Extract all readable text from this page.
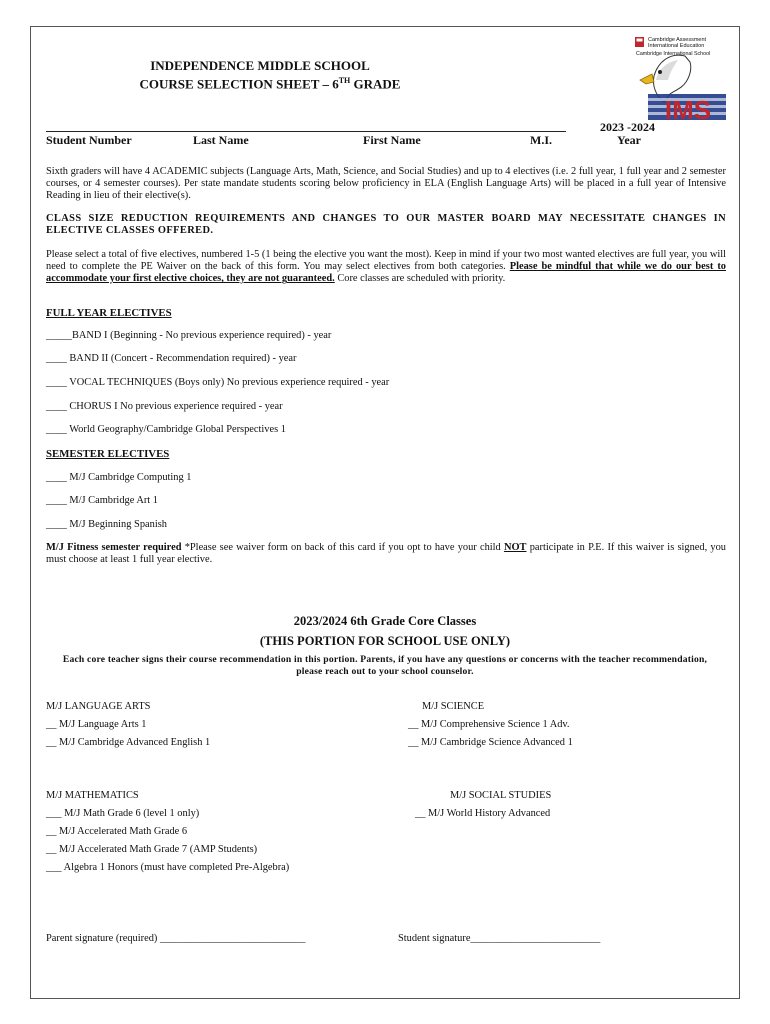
INDEPENDENCE MIDDLE SCHOOL
COURSE SELECTION SHEET – 6TH GRADE
IMS
Cambridge Assessment
International Education
Cambridge International School
Student Number	Last Name	First Name	M.I.
2023 -2024
Year
Sixth graders will have 4 ACADEMIC subjects (Language Arts, Math, Science, and Social Studies) and up to 4 electives (i.e. 2 full year, 1 full year and 2 semester courses, or 4 semester courses). Per state mandate students scoring below proficiency in ELA (English Language Arts) will be placed in a full year of Intensive Reading in lieu of their elective(s).
CLASS SIZE REDUCTION REQUIREMENTS AND CHANGES TO OUR MASTER BOARD MAY NECESSITATE CHANGES IN ELECTIVE CLASSES OFFERED.
Please select a total of five electives, numbered 1-5 (1 being the elective you want the most). Keep in mind if your two most wanted electives are full year, you will need to complete the PE Waiver on the back of this form. You may select electives from both categories. Please be mindful that while we do our best to accommodate your first elective choices, they are not guaranteed. Core classes are scheduled with priority.
FULL YEAR ELECTIVES
_____BAND I (Beginning - No previous experience required) - year
____ BAND II (Concert - Recommendation required) - year
____ VOCAL TECHNIQUES (Boys only) No previous experience required - year
____ CHORUS I No previous experience required - year
____ World Geography/Cambridge Global Perspectives 1
SEMESTER ELECTIVES
____ M/J Cambridge Computing 1
____ M/J Cambridge Art 1
____ M/J Beginning Spanish
M/J Fitness semester required *Please see waiver form on back of this card if you opt to have your child NOT participate in P.E. If this waiver is signed, you must choose at least 1 full year elective.
2023/2024 6th Grade Core Classes
(THIS PORTION FOR SCHOOL USE ONLY)
Each core teacher signs their course recommendation in this portion. Parents, if you have any questions or concerns with the teacher recommendation, please reach out to your school counselor.
M/J LANGUAGE ARTS
__ M/J Language Arts 1
__ M/J Cambridge Advanced English 1
M/J SCIENCE
__ M/J Comprehensive Science 1 Adv.
__ M/J Cambridge Science Advanced 1
M/J MATHEMATICS
___ M/J Math Grade 6 (level 1 only)
__ M/J Accelerated Math Grade 6
__ M/J Accelerated Math Grade 7 (AMP Students)
___ Algebra 1 Honors (must have completed Pre-Algebra)
M/J SOCIAL STUDIES
__ M/J World History Advanced
Parent signature (required) ____________________________	Student signature_________________________
